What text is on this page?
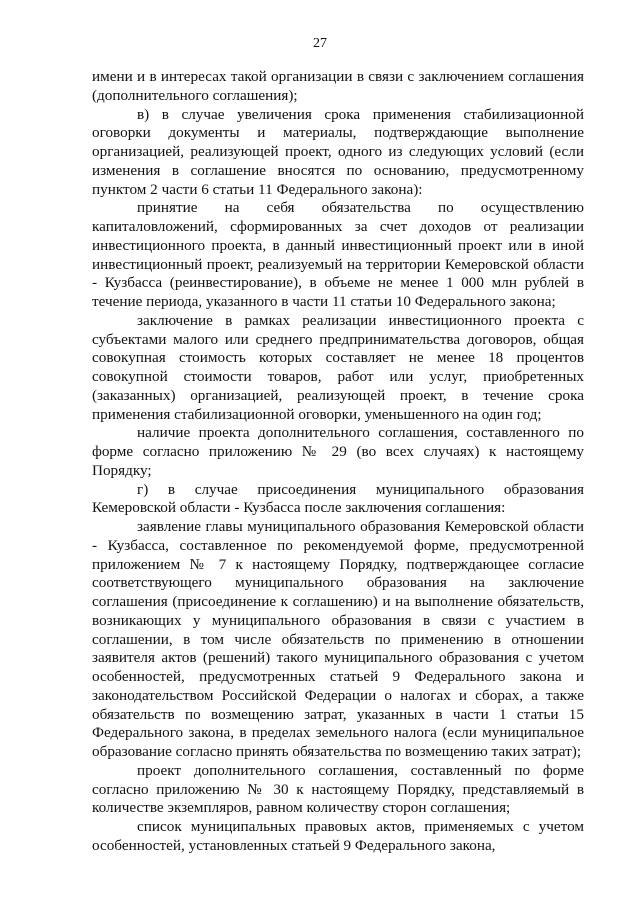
27

имени и в интересах такой организации в связи с заключением соглашения (дополнительного соглашения);

в) в случае увеличения срока применения стабилизационной оговорки документы и материалы, подтверждающие выполнение организацией, реализующей проект, одного из следующих условий (если изменения в соглашение вносятся по основанию, предусмотренному пунктом 2 части 6 статьи 11 Федерального закона):

принятие на себя обязательства по осуществлению капиталовложений, сформированных за счет доходов от реализации инвестиционного проекта, в данный инвестиционный проект или в иной инвестиционный проект, реализуемый на территории Кемеровской области - Кузбасса (реинвестирование), в объеме не менее 1 000 млн рублей в течение периода, указанного в части 11 статьи 10 Федерального закона;

заключение в рамках реализации инвестиционного проекта с субъектами малого или среднего предпринимательства договоров, общая совокупная стоимость которых составляет не менее 18 процентов совокупной стоимости товаров, работ или услуг, приобретенных (заказанных) организацией, реализующей проект, в течение срока применения стабилизационной оговорки, уменьшенного на один год;

наличие проекта дополнительного соглашения, составленного по форме согласно приложению № 29 (во всех случаях) к настоящему Порядку;

г) в случае присоединения муниципального образования Кемеровской области - Кузбасса после заключения соглашения:

заявление главы муниципального образования Кемеровской области - Кузбасса, составленное по рекомендуемой форме, предусмотренной приложением № 7 к настоящему Порядку, подтверждающее согласие соответствующего муниципального образования на заключение соглашения (присоединение к соглашению) и на выполнение обязательств, возникающих у муниципального образования в связи с участием в соглашении, в том числе обязательств по применению в отношении заявителя актов (решений) такого муниципального образования с учетом особенностей, предусмотренных статьей 9 Федерального закона и законодательством Российской Федерации о налогах и сборах, а также обязательств по возмещению затрат, указанных в части 1 статьи 15 Федерального закона, в пределах земельного налога (если муниципальное образование согласно принять обязательства по возмещению таких затрат);

проект дополнительного соглашения, составленный по форме согласно приложению № 30 к настоящему Порядку, представляемый в количестве экземпляров, равном количеству сторон соглашения;

список муниципальных правовых актов, применяемых с учетом особенностей, установленных статьей 9 Федерального закона,
